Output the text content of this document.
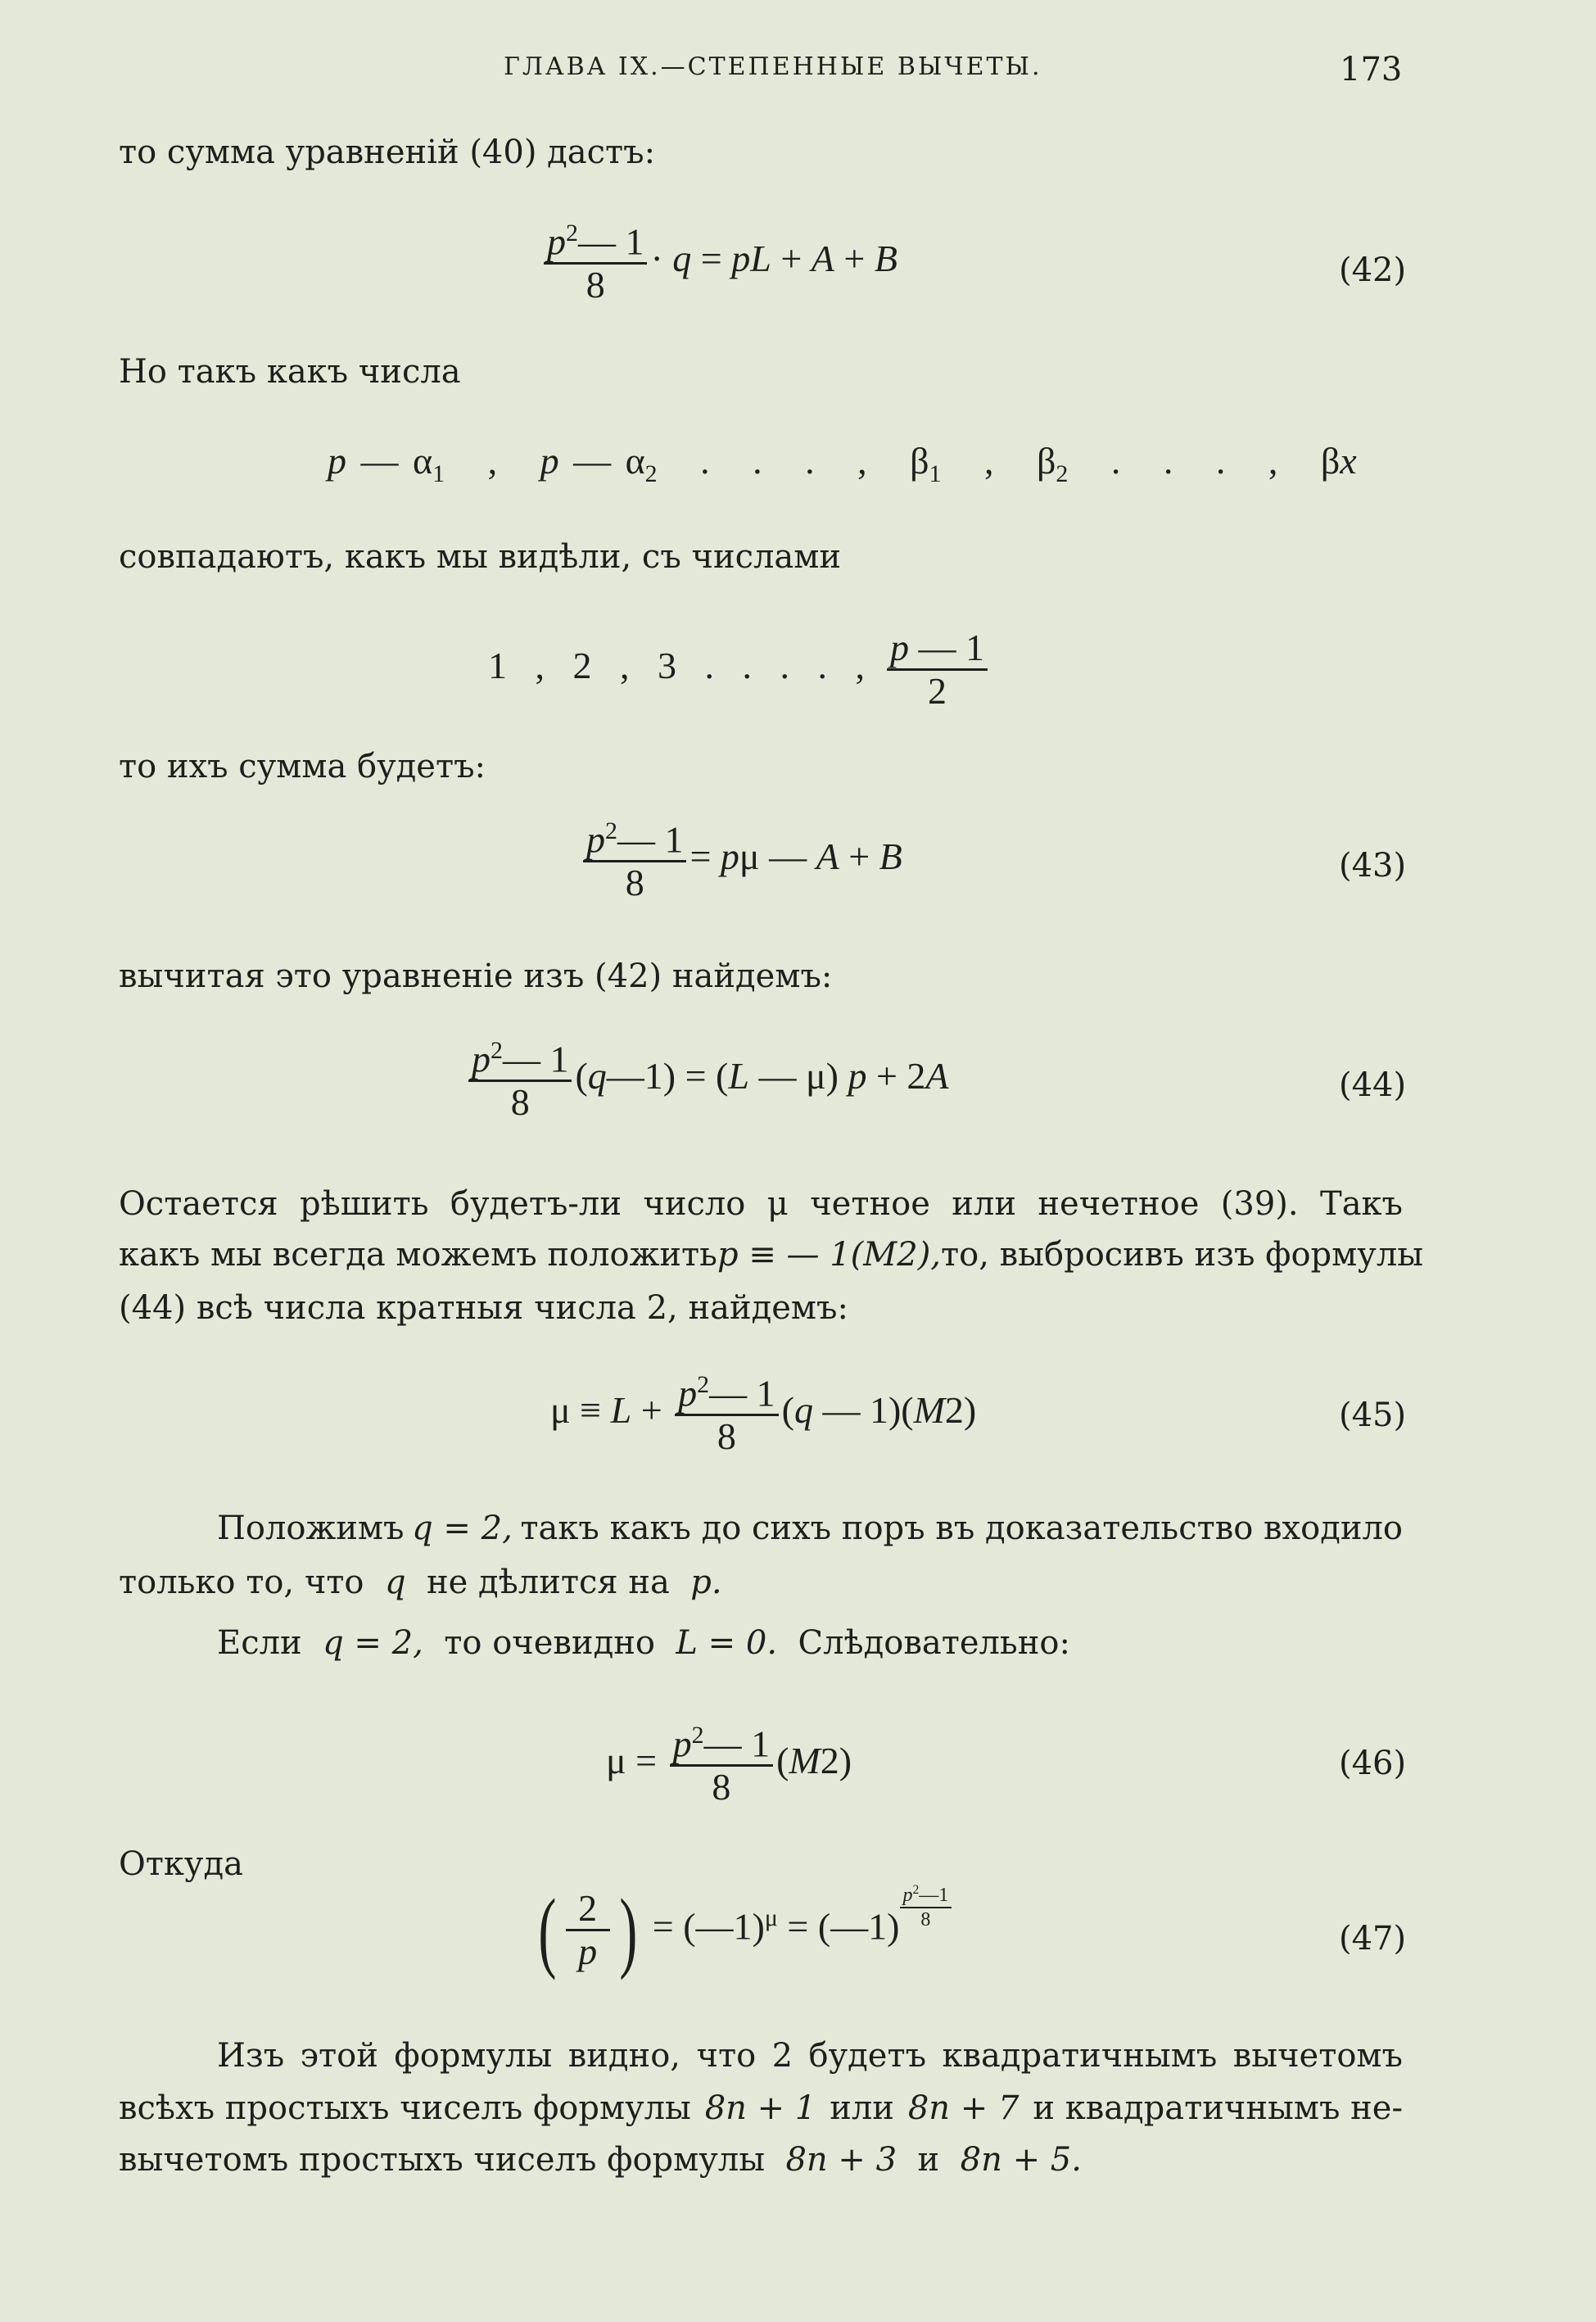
ГЛАВА IX.—СТЕПЕННЫЕ ВЫЧЕТЫ.	173
то сумма уравненій (40) дастъ:
$\frac{p^2— 1}{8} \cdot q$ = pL + A + B	(42)
Но такъ какъ числа
p — $\alpha_1$   ,   p — $\alpha_2$   .   .   .   ,   $\beta_1$   ,   $\beta_2$   .   .   .   ,   βx
совпадаютъ, какъ мы видѣли, съ числами
1   ,   2   ,   3   .   .   .   .   , $\frac{p — 1}{2}$
то ихъ сумма будетъ:
$\frac{p^2— 1}{8} = p\mu$ — A + B	(43)
вычитая это уравненіе изъ (42) найдемъ:
$\frac{p^2— 1}{8}$ (q—1) = (L — μ) p + 2A	(44)
Остается рѣшить будетъ-ли число μ четное или нечетное (39). Такъ
какъ мы всегда можемъ положить p ≡ — 1(M2), то, выбросивъ изъ формулы
(44) всѣ числа кратныя числа 2, найдемъ:
$\mu \equiv L + \frac{p^2— 1}{8} (q$ — 1)(M2)	(45)
Положимъ q = 2, такъ какъ до сихъ поръ въ доказательство входило
только то, что q не дѣлится на p.
Если q = 2, то очевидно L = 0. Слѣдовательно:
$\mu = \frac{p^2— 1}{8} (M2)$	(46)
Откуда
( $\frac{2}{p}$ ) = (—1)$^\mu$ = (—1) $\frac{p^2—1}{8}$
(47)
Изъ этой формулы видно, что 2 будетъ квадратичнымъ вычетомъ
всѣхъ простыхъ чиселъ формулы 8n + 1 или 8n + 7 и квадратичнымъ не-
вычетомъ простыхъ чиселъ формулы 8n + 3 и 8n + 5.
